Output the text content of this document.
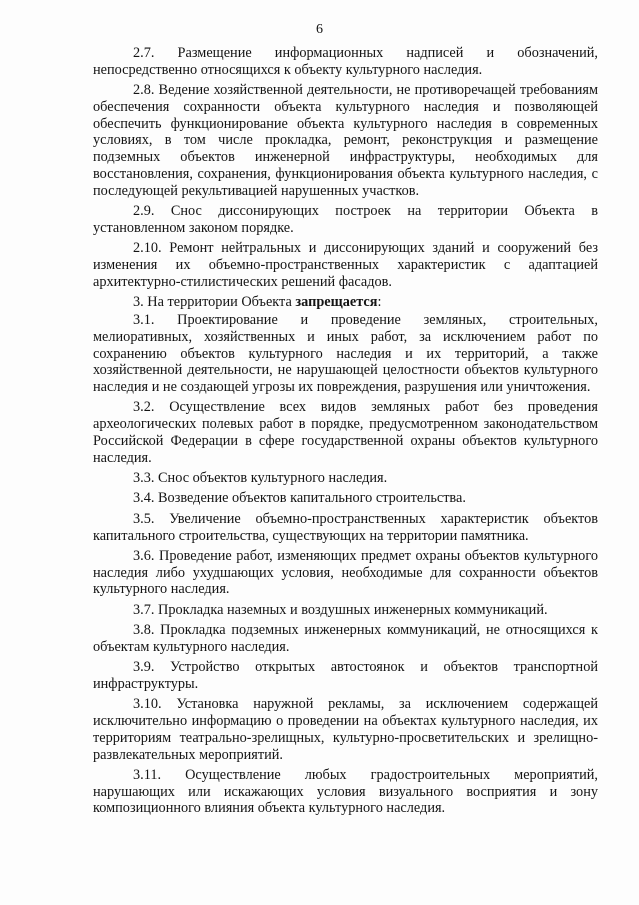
6

2.7. Размещение информационных надписей и обозначений, непосредственно относящихся к объекту культурного наследия.

2.8. Ведение хозяйственной деятельности, не противоречащей требованиям обеспечения сохранности объекта культурного наследия и позволяющей обеспечить функционирование объекта культурного наследия в современных условиях, в том числе прокладка, ремонт, реконструкция и размещение подземных объектов инженерной инфраструктуры, необходимых для восстановления, сохранения, функционирования объекта культурного наследия, с последующей рекультивацией нарушенных участков.

2.9. Снос диссонирующих построек на территории Объекта в установленном законом порядке.

2.10. Ремонт нейтральных и диссонирующих зданий и сооружений без изменения их объемно-пространственных характеристик с адаптацией архитектурно-стилистических решений фасадов.

3. На территории Объекта запрещается:

3.1. Проектирование и проведение земляных, строительных, мелиоративных, хозяйственных и иных работ, за исключением работ по сохранению объектов культурного наследия и их территорий, а также хозяйственной деятельности, не нарушающей целостности объектов культурного наследия и не создающей угрозы их повреждения, разрушения или уничтожения.

3.2. Осуществление всех видов земляных работ без проведения археологических полевых работ в порядке, предусмотренном законодательством Российской Федерации в сфере государственной охраны объектов культурного наследия.

3.3. Снос объектов культурного наследия.

3.4. Возведение объектов капитального строительства.

3.5. Увеличение объемно-пространственных характеристик объектов капитального строительства, существующих на территории памятника.

3.6. Проведение работ, изменяющих предмет охраны объектов культурного наследия либо ухудшающих условия, необходимые для сохранности объектов культурного наследия.

3.7. Прокладка наземных и воздушных инженерных коммуникаций.

3.8. Прокладка подземных инженерных коммуникаций, не относящихся к объектам культурного наследия.

3.9. Устройство открытых автостоянок и объектов транспортной инфраструктуры.

3.10. Установка наружной рекламы, за исключением содержащей исключительно информацию о проведении на объектах культурного наследия, их территориям театрально-зрелищных, культурно-просветительских и зрелищно-развлекательных мероприятий.

3.11. Осуществление любых градостроительных мероприятий, нарушающих или искажающих условия визуального восприятия и зону композиционного влияния объекта культурного наследия.
